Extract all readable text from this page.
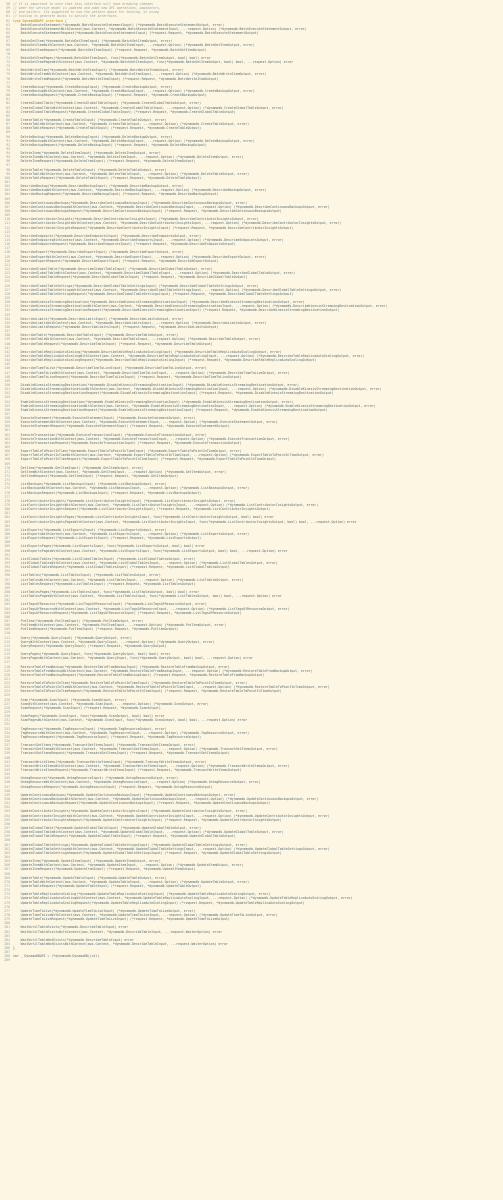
58 // It is important to note that this interface will have breaking changes
59 // when the service model is updated and adds new API operations, paginators,
60 // and waiters. Its suggested to use the pattern above for testing, or using
61 // tooling to generate mocks to satisfy the interfaces.
62 type DynamoDBAPI interface {
63 BatchExecuteStatement(*dynamodb.BatchExecuteStatementInput) (*dynamodb.BatchExecuteStatementOutput, error)
64 BatchExecuteStatementWithContext(aws.Context, *dynamodb.BatchExecuteStatementInput, ...request.Option) (*dynamodb.BatchExecuteStatementOutput, error)
65 BatchExecuteStatementRequest(*dynamodb.BatchExecuteStatementInput) (*request.Request, *dynamodb.BatchExecuteStatementOutput)
66
67 BatchGetItem(*dynamodb.BatchGetItemInput) (*dynamodb.BatchGetItemOutput, error)
68 BatchGetItemWithContext(aws.Context, *dynamodb.BatchGetItemInput, ...request.Option) (*dynamodb.BatchGetItemOutput, error)
69 BatchGetItemRequest(*dynamodb.BatchGetItemInput) (*request.Request, *dynamodb.BatchGetItemOutput)
70
71 BatchGetItemPages(*dynamodb.BatchGetItemInput, func(*dynamodb.BatchGetItemOutput, bool) bool) error
72 BatchGetItemPagesWithContext(aws.Context, *dynamodb.BatchGetItemInput, func(*dynamodb.BatchGetItemOutput, bool) bool, ...request.Option) error
73
74 BatchWriteItem(*dynamodb.BatchWriteItemInput) (*dynamodb.BatchWriteItemOutput, error)
75 BatchWriteItemWithContext(aws.Context, *dynamodb.BatchWriteItemInput, ...request.Option) (*dynamodb.BatchWriteItemOutput, error)
76 BatchWriteItemRequest(*dynamodb.BatchWriteItemInput) (*request.Request, *dynamodb.BatchWriteItemOutput)
77
78 CreateBackup(*dynamodb.CreateBackupInput) (*dynamodb.CreateBackupOutput, error)
79 CreateBackupWithContext(aws.Context, *dynamodb.CreateBackupInput, ...request.Option) (*dynamodb.CreateBackupOutput, error)
80 CreateBackupRequest(*dynamodb.CreateBackupInput) (*request.Request, *dynamodb.CreateBackupOutput)
81
82 CreateGlobalTable(*dynamodb.CreateGlobalTableInput) (*dynamodb.CreateGlobalTableOutput, error)
83 CreateGlobalTableWithContext(aws.Context, *dynamodb.CreateGlobalTableInput, ...request.Option) (*dynamodb.CreateGlobalTableOutput, error)
84 CreateGlobalTableRequest(*dynamodb.CreateGlobalTableInput) (*request.Request, *dynamodb.CreateGlobalTableOutput)
85
86 CreateTable(*dynamodb.CreateTableInput) (*dynamodb.CreateTableOutput, error)
87 CreateTableWithContext(aws.Context, *dynamodb.CreateTableInput, ...request.Option) (*dynamodb.CreateTableOutput, error)
88 CreateTableRequest(*dynamodb.CreateTableInput) (*request.Request, *dynamodb.CreateTableOutput)
89
90 DeleteBackup(*dynamodb.DeleteBackupInput) (*dynamodb.DeleteBackupOutput, error)
91 DeleteBackupWithContext(aws.Context, *dynamodb.DeleteBackupInput, ...request.Option) (*dynamodb.DeleteBackupOutput, error)
92 DeleteBackupRequest(*dynamodb.DeleteBackupInput) (*request.Request, *dynamodb.DeleteBackupOutput)
93
94 DeleteItem(*dynamodb.DeleteItemInput) (*dynamodb.DeleteItemOutput, error)
95 DeleteItemWithContext(aws.Context, *dynamodb.DeleteItemInput, ...request.Option) (*dynamodb.DeleteItemOutput, error)
96 DeleteItemRequest(*dynamodb.DeleteItemInput) (*request.Request, *dynamodb.DeleteItemOutput)
97
98 DeleteTable(*dynamodb.DeleteTableInput) (*dynamodb.DeleteTableOutput, error)
99 DeleteTableWithContext(aws.Context, *dynamodb.DeleteTableInput, ...request.Option) (*dynamodb.DeleteTableOutput, error)
100 DeleteTableRequest(*dynamodb.DeleteTableInput) (*request.Request, *dynamodb.DeleteTableOutput)
101
102 DescribeBackup(*dynamodb.DescribeBackupInput) (*dynamodb.DescribeBackupOutput, error)
103 DescribeBackupWithContext(aws.Context, *dynamodb.DescribeBackupInput, ...request.Option) (*dynamodb.DescribeBackupOutput, error)
104 DescribeBackupRequest(*dynamodb.DescribeBackupInput) (*request.Request, *dynamodb.DescribeBackupOutput)
105
106 DescribeContinuousBackups(*dynamodb.DescribeContinuousBackupsInput) (*dynamodb.DescribeContinuousBackupsOutput, error)
107 DescribeContinuousBackupsWithContext(aws.Context, *dynamodb.DescribeContinuousBackupsInput, ...request.Option) (*dynamodb.DescribeContinuousBackupsOutput, error)
108 DescribeContinuousBackupsRequest(*dynamodb.DescribeContinuousBackupsInput) (*request.Request, *dynamodb.DescribeContinuousBackupsOutput)
109
110 DescribeContributorInsights(*dynamodb.DescribeContributorInsightsInput) (*dynamodb.DescribeContributorInsightsOutput, error)
111 DescribeContributorInsightsWithContext(aws.Context, *dynamodb.DescribeContributorInsightsInput, ...request.Option) (*dynamodb.DescribeContributorInsightsOutput, error)
112 DescribeContributorInsightsRequest(*dynamodb.DescribeContributorInsightsInput) (*request.Request, *dynamodb.DescribeContributorInsightsOutput)
113
114 DescribeEndpoints(*dynamodb.DescribeEndpointsInput) (*dynamodb.DescribeEndpointsOutput, error)
115 DescribeEndpointsWithContext(aws.Context, *dynamodb.DescribeEndpointsInput, ...request.Option) (*dynamodb.DescribeEndpointsOutput, error)
116 DescribeEndpointsRequest(*dynamodb.DescribeEndpointsInput) (*request.Request, *dynamodb.DescribeEndpointsOutput)
117
118 DescribeExport(*dynamodb.DescribeExportInput) (*dynamodb.DescribeExportOutput, error)
119 DescribeExportWithContext(aws.Context, *dynamodb.DescribeExportInput, ...request.Option) (*dynamodb.DescribeExportOutput, error)
120 DescribeExportRequest(*dynamodb.DescribeExportInput) (*request.Request, *dynamodb.DescribeExportOutput)
121
122 DescribeGlobalTable(*dynamodb.DescribeGlobalTableInput) (*dynamodb.DescribeGlobalTableOutput, error)
123 DescribeGlobalTableWithContext(aws.Context, *dynamodb.DescribeGlobalTableInput, ...request.Option) (*dynamodb.DescribeGlobalTableOutput, error)
124 DescribeGlobalTableRequest(*dynamodb.DescribeGlobalTableInput) (*request.Request, *dynamodb.DescribeGlobalTableOutput)
125
126 DescribeGlobalTableSettings(*dynamodb.DescribeGlobalTableSettingsInput) (*dynamodb.DescribeGlobalTableSettingsOutput, error)
127 DescribeGlobalTableSettingsWithContext(aws.Context, *dynamodb.DescribeGlobalTableSettingsInput, ...request.Option) (*dynamodb.DescribeGlobalTableSettingsOutput, error)
128 DescribeGlobalTableSettingsRequest(*dynamodb.DescribeGlobalTableSettingsInput) (*request.Request, *dynamodb.DescribeGlobalTableSettingsOutput)
129
130 DescribeKinesisStreamingDestination(*dynamodb.DescribeKinesisStreamingDestinationInput) (*dynamodb.DescribeKinesisStreamingDestinationOutput, error)
131 DescribeKinesisStreamingDestinationWithContext(aws.Context, *dynamodb.DescribeKinesisStreamingDestinationInput, ...request.Option) (*dynamodb.DescribeKinesisStreamingDestinationOutput, error)
132 DescribeKinesisStreamingDestinationRequest(*dynamodb.DescribeKinesisStreamingDestinationInput) (*request.Request, *dynamodb.DescribeKinesisStreamingDestinationOutput)
133
134 DescribeLimits(*dynamodb.DescribeLimitsInput) (*dynamodb.DescribeLimitsOutput, error)
135 DescribeLimitsWithContext(aws.Context, *dynamodb.DescribeLimitsInput, ...request.Option) (*dynamodb.DescribeLimitsOutput, error)
136 DescribeLimitsRequest(*dynamodb.DescribeLimitsInput) (*request.Request, *dynamodb.DescribeLimitsOutput)
137
138 DescribeTable(*dynamodb.DescribeTableInput) (*dynamodb.DescribeTableOutput, error)
139 DescribeTableWithContext(aws.Context, *dynamodb.DescribeTableInput, ...request.Option) (*dynamodb.DescribeTableOutput, error)
140 DescribeTableRequest(*dynamodb.DescribeTableInput) (*request.Request, *dynamodb.DescribeTableOutput)
141
142 DescribeTableReplicaAutoScaling(*dynamodb.DescribeTableReplicaAutoScalingInput) (*dynamodb.DescribeTableReplicaAutoScalingOutput, error)
143 DescribeTableReplicaAutoScalingWithContext(aws.Context, *dynamodb.DescribeTableReplicaAutoScalingInput, ...request.Option) (*dynamodb.DescribeTableReplicaAutoScalingOutput, error)
144 DescribeTableReplicaAutoScalingRequest(*dynamodb.DescribeTableReplicaAutoScalingInput) (*request.Request, *dynamodb.DescribeTableReplicaAutoScalingOutput)
145
146 DescribeTimeToLive(*dynamodb.DescribeTimeToLiveInput) (*dynamodb.DescribeTimeToLiveOutput, error)
147 DescribeTimeToLiveWithContext(aws.Context, *dynamodb.DescribeTimeToLiveInput, ...request.Option) (*dynamodb.DescribeTimeToLiveOutput, error)
148 DescribeTimeToLiveRequest(*dynamodb.DescribeTimeToLiveInput) (*request.Request, *dynamodb.DescribeTimeToLiveOutput)
149
150 DisableKinesisStreamingDestination(*dynamodb.DisableKinesisStreamingDestinationInput) (*dynamodb.DisableKinesisStreamingDestinationOutput, error)
151 DisableKinesisStreamingDestinationWithContext(aws.Context, *dynamodb.DisableKinesisStreamingDestinationInput, ...request.Option) (*dynamodb.DisableKinesisStreamingDestinationOutput, error)
152 DisableKinesisStreamingDestinationRequest(*dynamodb.DisableKinesisStreamingDestinationInput) (*request.Request, *dynamodb.DisableKinesisStreamingDestinationOutput)
153
154 EnableKinesisStreamingDestination(*dynamodb.EnableKinesisStreamingDestinationInput) (*dynamodb.EnableKinesisStreamingDestinationOutput, error)
155 EnableKinesisStreamingDestinationWithContext(aws.Context, *dynamodb.EnableKinesisStreamingDestinationInput, ...request.Option) (*dynamodb.EnableKinesisStreamingDestinationOutput, error)
156 EnableKinesisStreamingDestinationRequest(*dynamodb.EnableKinesisStreamingDestinationInput) (*request.Request, *dynamodb.EnableKinesisStreamingDestinationOutput)
157
158 ExecuteStatement(*dynamodb.ExecuteStatementInput) (*dynamodb.ExecuteStatementOutput, error)
159 ExecuteStatementWithContext(aws.Context, *dynamodb.ExecuteStatementInput, ...request.Option) (*dynamodb.ExecuteStatementOutput, error)
160 ExecuteStatementRequest(*dynamodb.ExecuteStatementInput) (*request.Request, *dynamodb.ExecuteStatementOutput)
161
162 ExecuteTransaction(*dynamodb.ExecuteTransactionInput) (*dynamodb.ExecuteTransactionOutput, error)
163 ExecuteTransactionWithContext(aws.Context, *dynamodb.ExecuteTransactionInput, ...request.Option) (*dynamodb.ExecuteTransactionOutput, error)
164 ExecuteTransactionRequest(*dynamodb.ExecuteTransactionInput) (*request.Request, *dynamodb.ExecuteTransactionOutput)
165
166 ExportTableToPointInTime(*dynamodb.ExportTableToPointInTimeInput) (*dynamodb.ExportTableToPointInTimeOutput, error)
167 ExportTableToPointInTimeWithContext(aws.Context, *dynamodb.ExportTableToPointInTimeInput, ...request.Option) (*dynamodb.ExportTableToPointInTimeOutput, error)
168 ExportTableToPointInTimeRequest(*dynamodb.ExportTableToPointInTimeInput) (*request.Request, *dynamodb.ExportTableToPointInTimeOutput)
169
170 GetItem(*dynamodb.GetItemInput) (*dynamodb.GetItemOutput, error)
171 GetItemWithContext(aws.Context, *dynamodb.GetItemInput, ...request.Option) (*dynamodb.GetItemOutput, error)
172 GetItemRequest(*dynamodb.GetItemInput) (*request.Request, *dynamodb.GetItemOutput)
173
174 ListBackups(*dynamodb.ListBackupsInput) (*dynamodb.ListBackupsOutput, error)
175 ListBackupsWithContext(aws.Context, *dynamodb.ListBackupsInput, ...request.Option) (*dynamodb.ListBackupsOutput, error)
176 ListBackupsRequest(*dynamodb.ListBackupsInput) (*request.Request, *dynamodb.ListBackupsOutput)
177
178 ListContributorInsights(*dynamodb.ListContributorInsightsInput) (*dynamodb.ListContributorInsightsOutput, error)
179 ListContributorInsightsWithContext(aws.Context, *dynamodb.ListContributorInsightsInput, ...request.Option) (*dynamodb.ListContributorInsightsOutput, error)
180 ListContributorInsightsRequest(*dynamodb.ListContributorInsightsInput) (*request.Request, *dynamodb.ListContributorInsightsOutput)
181
182 ListContributorInsightsPages(*dynamodb.ListContributorInsightsInput, func(*dynamodb.ListContributorInsightsOutput, bool) bool) error
183 ListContributorInsightsPagesWithContext(aws.Context, *dynamodb.ListContributorInsightsInput, func(*dynamodb.ListContributorInsightsOutput, bool) bool, ...request.Option) error
184
185 ListExports(*dynamodb.ListExportsInput) (*dynamodb.ListExportsOutput, error)
186 ListExportsWithContext(aws.Context, *dynamodb.ListExportsInput, ...request.Option) (*dynamodb.ListExportsOutput, error)
187 ListExportsRequest(*dynamodb.ListExportsInput) (*request.Request, *dynamodb.ListExportsOutput)
188
189 ListExportsPages(*dynamodb.ListExportsInput, func(*dynamodb.ListExportsOutput, bool) bool) error
190 ListExportsPagesWithContext(aws.Context, *dynamodb.ListExportsInput, func(*dynamodb.ListExportsOutput, bool) bool, ...request.Option) error
191
192 ListGlobalTables(*dynamodb.ListGlobalTablesInput) (*dynamodb.ListGlobalTablesOutput, error)
193 ListGlobalTablesWithContext(aws.Context, *dynamodb.ListGlobalTablesInput, ...request.Option) (*dynamodb.ListGlobalTablesOutput, error)
194 ListGlobalTablesRequest(*dynamodb.ListGlobalTablesInput) (*request.Request, *dynamodb.ListGlobalTablesOutput)
195
196 ListTables(*dynamodb.ListTablesInput) (*dynamodb.ListTablesOutput, error)
197 ListTablesWithContext(aws.Context, *dynamodb.ListTablesInput, ...request.Option) (*dynamodb.ListTablesOutput, error)
198 ListTablesRequest(*dynamodb.ListTablesInput) (*request.Request, *dynamodb.ListTablesOutput)
199
200 ListTablesPages(*dynamodb.ListTablesInput, func(*dynamodb.ListTablesOutput, bool) bool) error
201 ListTablesPagesWithContext(aws.Context, *dynamodb.ListTablesInput, func(*dynamodb.ListTablesOutput, bool) bool, ...request.Option) error
202
203 ListTagsOfResource(*dynamodb.ListTagsOfResourceInput) (*dynamodb.ListTagsOfResourceOutput, error)
204 ListTagsOfResourceWithContext(aws.Context, *dynamodb.ListTagsOfResourceInput, ...request.Option) (*dynamodb.ListTagsOfResourceOutput, error)
205 ListTagsOfResourceRequest(*dynamodb.ListTagsOfResourceInput) (*request.Request, *dynamodb.ListTagsOfResourceOutput)
206
207 PutItem(*dynamodb.PutItemInput) (*dynamodb.PutItemOutput, error)
208 PutItemWithContext(aws.Context, *dynamodb.PutItemInput, ...request.Option) (*dynamodb.PutItemOutput, error)
209 PutItemRequest(*dynamodb.PutItemInput) (*request.Request, *dynamodb.PutItemOutput)
210
211 Query(*dynamodb.QueryInput) (*dynamodb.QueryOutput, error)
212 QueryWithContext(aws.Context, *dynamodb.QueryInput, ...request.Option) (*dynamodb.QueryOutput, error)
213 QueryRequest(*dynamodb.QueryInput) (*request.Request, *dynamodb.QueryOutput)
214
215 QueryPages(*dynamodb.QueryInput, func(*dynamodb.QueryOutput, bool) bool) error
216 QueryPagesWithContext(aws.Context, *dynamodb.QueryInput, func(*dynamodb.QueryOutput, bool) bool, ...request.Option) error
217
218 RestoreTableFromBackup(*dynamodb.RestoreTableFromBackupInput) (*dynamodb.RestoreTableFromBackupOutput, error)
219 RestoreTableFromBackupWithContext(aws.Context, *dynamodb.RestoreTableFromBackupInput, ...request.Option) (*dynamodb.RestoreTableFromBackupOutput, error)
220 RestoreTableFromBackupRequest(*dynamodb.RestoreTableFromBackupInput) (*request.Request, *dynamodb.RestoreTableFromBackupOutput)
221
222 RestoreTableToPointInTime(*dynamodb.RestoreTableToPointInTimeInput) (*dynamodb.RestoreTableToPointInTimeOutput, error)
223 RestoreTableToPointInTimeWithContext(aws.Context, *dynamodb.RestoreTableToPointInTimeInput, ...request.Option) (*dynamodb.RestoreTableToPointInTimeOutput, error)
224 RestoreTableToPointInTimeRequest(*dynamodb.RestoreTableToPointInTimeInput) (*request.Request, *dynamodb.RestoreTableToPointInTimeOutput)
225
226 Scan(*dynamodb.ScanInput) (*dynamodb.ScanOutput, error)
227 ScanWithContext(aws.Context, *dynamodb.ScanInput, ...request.Option) (*dynamodb.ScanOutput, error)
228 ScanRequest(*dynamodb.ScanInput) (*request.Request, *dynamodb.ScanOutput)
229
230 ScanPages(*dynamodb.ScanInput, func(*dynamodb.ScanOutput, bool) bool) error
231 ScanPagesWithContext(aws.Context, *dynamodb.ScanInput, func(*dynamodb.ScanOutput, bool) bool, ...request.Option) error
232
233 TagResource(*dynamodb.TagResourceInput) (*dynamodb.TagResourceOutput, error)
234 TagResourceWithContext(aws.Context, *dynamodb.TagResourceInput, ...request.Option) (*dynamodb.TagResourceOutput, error)
235 TagResourceRequest(*dynamodb.TagResourceInput) (*request.Request, *dynamodb.TagResourceOutput)
236
237 TransactGetItems(*dynamodb.TransactGetItemsInput) (*dynamodb.TransactGetItemsOutput, error)
238 TransactGetItemsWithContext(aws.Context, *dynamodb.TransactGetItemsInput, ...request.Option) (*dynamodb.TransactGetItemsOutput, error)
239 TransactGetItemsRequest(*dynamodb.TransactGetItemsInput) (*request.Request, *dynamodb.TransactGetItemsOutput)
240
241 TransactWriteItems(*dynamodb.TransactWriteItemsInput) (*dynamodb.TransactWriteItemsOutput, error)
242 TransactWriteItemsWithContext(aws.Context, *dynamodb.TransactWriteItemsInput, ...request.Option) (*dynamodb.TransactWriteItemsOutput, error)
243 TransactWriteItemsRequest(*dynamodb.TransactWriteItemsInput) (*request.Request, *dynamodb.TransactWriteItemsOutput)
244
245 UntagResource(*dynamodb.UntagResourceInput) (*dynamodb.UntagResourceOutput, error)
246 UntagResourceWithContext(aws.Context, *dynamodb.UntagResourceInput, ...request.Option) (*dynamodb.UntagResourceOutput, error)
247 UntagResourceRequest(*dynamodb.UntagResourceInput) (*request.Request, *dynamodb.UntagResourceOutput)
248
249 UpdateContinuousBackups(*dynamodb.UpdateContinuousBackupsInput) (*dynamodb.UpdateContinuousBackupsOutput, error)
250 UpdateContinuousBackupsWithContext(aws.Context, *dynamodb.UpdateContinuousBackupsInput, ...request.Option) (*dynamodb.UpdateContinuousBackupsOutput, error)
251 UpdateContinuousBackupsRequest(*dynamodb.UpdateContinuousBackupsInput) (*request.Request, *dynamodb.UpdateContinuousBackupsOutput)
252
253 UpdateContributorInsights(*dynamodb.UpdateContributorInsightsInput) (*dynamodb.UpdateContributorInsightsOutput, error)
254 UpdateContributorInsightsWithContext(aws.Context, *dynamodb.UpdateContributorInsightsInput, ...request.Option) (*dynamodb.UpdateContributorInsightsOutput, error)
255 UpdateContributorInsightsRequest(*dynamodb.UpdateContributorInsightsInput) (*request.Request, *dynamodb.UpdateContributorInsightsOutput)
256
257 UpdateGlobalTable(*dynamodb.UpdateGlobalTableInput) (*dynamodb.UpdateGlobalTableOutput, error)
258 UpdateGlobalTableWithContext(aws.Context, *dynamodb.UpdateGlobalTableInput, ...request.Option) (*dynamodb.UpdateGlobalTableOutput, error)
259 UpdateGlobalTableRequest(*dynamodb.UpdateGlobalTableInput) (*request.Request, *dynamodb.UpdateGlobalTableOutput)
260
261 UpdateGlobalTableSettings(*dynamodb.UpdateGlobalTableSettingsInput) (*dynamodb.UpdateGlobalTableSettingsOutput, error)
262 UpdateGlobalTableSettingsWithContext(aws.Context, *dynamodb.UpdateGlobalTableSettingsInput, ...request.Option) (*dynamodb.UpdateGlobalTableSettingsOutput, error)
263 UpdateGlobalTableSettingsRequest(*dynamodb.UpdateGlobalTableSettingsInput) (*request.Request, *dynamodb.UpdateGlobalTableSettingsOutput)
264
265 UpdateItem(*dynamodb.UpdateItemInput) (*dynamodb.UpdateItemOutput, error)
266 UpdateItemWithContext(aws.Context, *dynamodb.UpdateItemInput, ...request.Option) (*dynamodb.UpdateItemOutput, error)
267 UpdateItemRequest(*dynamodb.UpdateItemInput) (*request.Request, *dynamodb.UpdateItemOutput)
268
269 UpdateTable(*dynamodb.UpdateTableInput) (*dynamodb.UpdateTableOutput, error)
270 UpdateTableWithContext(aws.Context, *dynamodb.UpdateTableInput, ...request.Option) (*dynamodb.UpdateTableOutput, error)
271 UpdateTableRequest(*dynamodb.UpdateTableInput) (*request.Request, *dynamodb.UpdateTableOutput)
272
273 UpdateTableReplicaAutoScaling(*dynamodb.UpdateTableReplicaAutoScalingInput) (*dynamodb.UpdateTableReplicaAutoScalingOutput, error)
274 UpdateTableReplicaAutoScalingWithContext(aws.Context, *dynamodb.UpdateTableReplicaAutoScalingInput, ...request.Option) (*dynamodb.UpdateTableReplicaAutoScalingOutput, error)
275 UpdateTableReplicaAutoScalingRequest(*dynamodb.UpdateTableReplicaAutoScalingInput) (*request.Request, *dynamodb.UpdateTableReplicaAutoScalingOutput)
276
277 UpdateTimeToLive(*dynamodb.UpdateTimeToLiveInput) (*dynamodb.UpdateTimeToLiveOutput, error)
278 UpdateTimeToLiveWithContext(aws.Context, *dynamodb.UpdateTimeToLiveInput, ...request.Option) (*dynamodb.UpdateTimeToLiveOutput, error)
279 UpdateTimeToLiveRequest(*dynamodb.UpdateTimeToLiveInput) (*request.Request, *dynamodb.UpdateTimeToLiveOutput)
280
281 WaitUntilTableExists(*dynamodb.DescribeTableInput) error
282 WaitUntilTableExistsWithContext(aws.Context, *dynamodb.DescribeTableInput, ...request.WaiterOption) error
283
284 WaitUntilTableNotExists(*dynamodb.DescribeTableInput) error
285 WaitUntilTableNotExistsWithContext(aws.Context, *dynamodb.DescribeTableInput, ...request.WaiterOption) error
286 }
287
288 var _ DynamoDBAPI = (*dynamodb.DynamoDB)(nil)
289
